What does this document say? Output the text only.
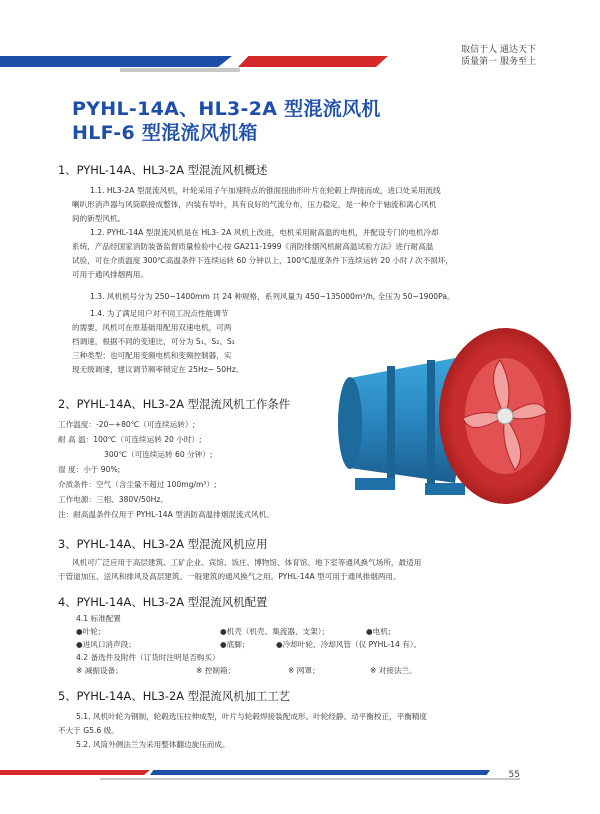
取信于人 通达天下
质量第一 服务至上
PYHL-14A、HL3-2A 型混流风机
HLF-6 型混流风机箱
1、PYHL-14A、HL3-2A 型混流风机概述
1.1. HL3-2A 型混流风机，叶轮采用子午加速特点的锥面扭曲形叶片在轮毂上焊接而成，进口处采用流线
喇叭形消声器与风筒联接成整体，内装有导叶，具有良好的气流分布，压力稳定，是一种介于轴流和离心风机
间的新型风机。
1.2. PYHL-14A 型混流风机是在 HL3- 2A 风机上改进，电机采用耐高温的电机，并配设专门的电机冷却
系统，产品经国家消防装备监督质量检验中心按 GA211-1999《消防排烟风机耐高温试验方法》进行耐高温
试验，可在介质温度 300℃高温条件下连续运转 60 分钟以上，100℃温度条件下连续运转 20 小时 / 次不损坏，
可用于通风排烟两用。
1.3. 风机机号分为 250~1400mm 共 24 种规格，系列风量为 450~135000m³/h, 全压为 50~1900Pa。
1.4. 为了满足用户对不同工况点性能调节
的需要，风机可在原基础用配用双速电机，可两
档调速，根据不同的变速比，可分为 S₁、S₂、S₃
三种类型；也可配用变频电机和变频控制器，实
现无级调速，建议调节频率锁定在 25Hz~ 50Hz。
2、PYHL-14A、HL3-2A 型混流风机工作条件
工作温度：-20~+80℃（可连续运转）;
耐 高 温：100℃（可连续运转 20 小时）;
300℃（可连续运转 60 分钟）;
湿 度：小于 90%;
介质条件：空气（含尘量不超过 100mg/m³）;
工作电源：三相、380V/50Hz。
注：耐高温条件仅用于 PYHL-14A 型消防高温排烟混流式风机。
3、PYHL-14A、HL3-2A 型混流风机应用
风机可广泛应用于高层建筑、工矿企业、宾馆、饭庄、博物馆、体育馆、地下室等通风换气场所，最适用
于管道加压、送风和排风及高层建筑、一般建筑的通风换气之用。PYHL-14A 型可用于通风排烟两用。
4、PYHL-14A、HL3-2A 型混流风机配置
4.1 标准配置
●叶轮；	●机壳（机壳、集流器、支架）；	●电机；
●进风口消声段；	●底脚；	●冷却叶轮、冷却风管（仅 PYHL-14 有）。
4.2 备选件及附件（订货时注明是否购买）
※ 减振设备；	※ 控制箱；	※ 网罩；	※ 对接法兰。
5、PYHL-14A、HL3-2A 型混流风机加工工艺
5.1. 风机叶轮为钢制，轮毂选压拉伸成型，叶片与轮毂焊接装配成形。叶轮经静、动平衡校正，平衡精度
不大于 G5.6 级。
5.2. 风筒外侧法兰为采用整体翻边旋压而成。
55
